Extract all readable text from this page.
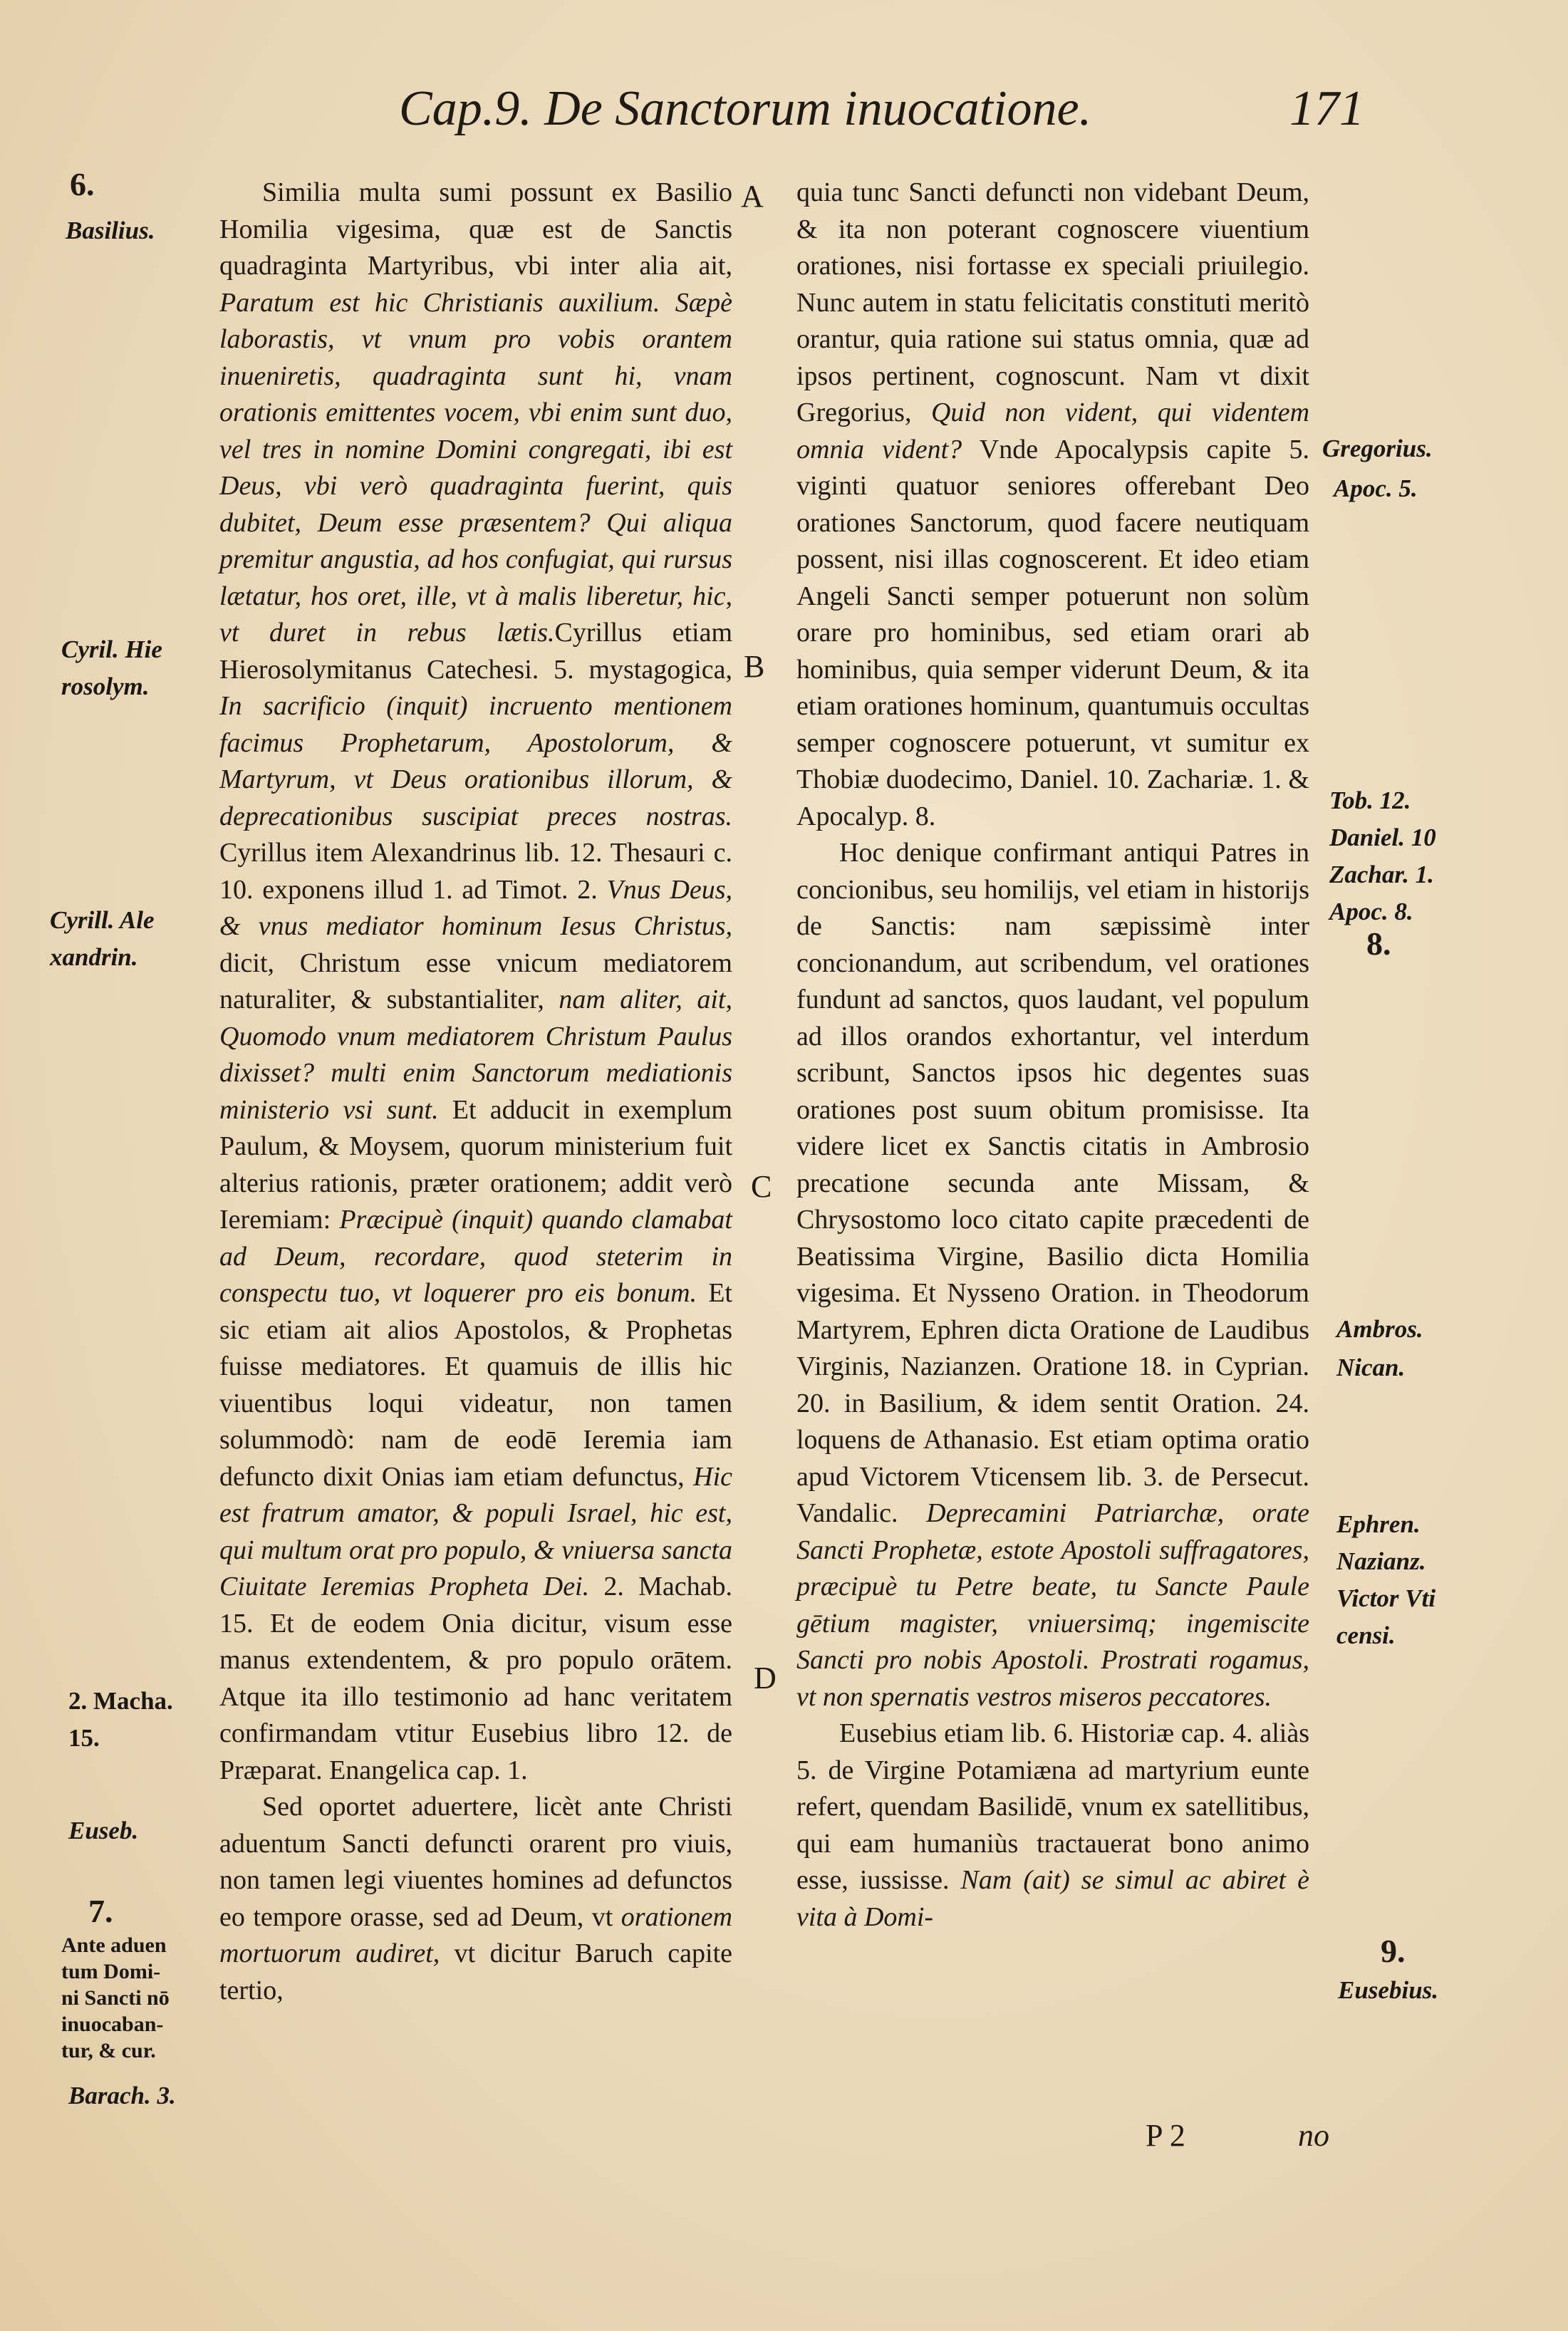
Cap.9. De Sanctorum inuocatione.	171

Similia multa sumi possunt ex Basilio Homilia vigesima, quæ est de Sanctis quadraginta Martyribus, vbi inter alia ait, Paratum est hic Christianis auxilium. Sæpè laborastis, vt vnum pro vobis orantem inueniretis, quadraginta sunt hi, vnam orationis emittentes vocem, vbi enim sunt duo, vel tres in nomine Domini congregati, ibi est Deus, vbi verò quadraginta fuerint, quis dubitet, Deum esse præsentem? Qui aliqua premitur angustia, ad hos confugiat, qui rursus lætatur, hos oret, ille, vt à malis liberetur, hic, vt duret in rebus lætis.Cyrillus etiam Hierosolymitanus Catechesi. 5. mystagogica, In sacrificio (inquit) incruento mentionem facimus Prophetarum, Apostolorum, & Martyrum, vt Deus orationibus illorum, & deprecationibus suscipiat preces nostras. Cyrillus item Alexandrinus lib. 12. Thesauri c. 10. exponens illud 1. ad Timot. 2. Vnus Deus, & vnus mediator hominum Iesus Christus, dicit, Christum esse vnicum mediatorem naturaliter, & substantialiter, nam aliter, ait, Quomodo vnum mediatorem Christum Paulus dixisset? multi enim Sanctorum mediationis ministerio vsi sunt. Et adducit in exemplum Paulum, & Moysem, quorum ministerium fuit alterius rationis, præter orationem; addit verò Ieremiam: Præcipuè (inquit) quando clamabat ad Deum, recordare, quod steterim in conspectu tuo, vt loquerer pro eis bonum. Et sic etiam ait alios Apostolos, & Prophetas fuisse mediatores. Et quamuis de illis hic viuentibus loqui videatur, non tamen solummodò: nam de eodē Ieremia iam defuncto dixit Onias iam etiam defunctus, Hic est fratrum amator, & populi Israel, hic est, qui multum orat pro populo, & vniuersa sancta Ciuitate Ieremias Propheta Dei. 2. Machab. 15. Et de eodem Onia dicitur, visum esse manus extendentem, & pro populo orātem. Atque ita illo testimonio ad hanc veritatem confirmandam vtitur Eusebius libro 12. de Præparat. Enangelica cap. 1.

Sed oportet aduertere, licèt ante Christi aduentum Sancti defuncti orarent pro viuis, non tamen legi viuentes homines ad defunctos eo tempore orasse, sed ad Deum, vt orationem mortuorum audiret, vt dicitur Baruch capite tertio,

quia tunc Sancti defuncti non videbant Deum, & ita non poterant cognoscere viuentium orationes, nisi fortasse ex speciali priuilegio. Nunc autem in statu felicitatis constituti meritò orantur, quia ratione sui status omnia, quæ ad ipsos pertinent, cognoscunt. Nam vt dixit Gregorius, Quid non vident, qui videntem omnia vident? Vnde Apocalypsis capite 5. viginti quatuor seniores offerebant Deo orationes Sanctorum, quod facere neutiquam possent, nisi illas cognoscerent. Et ideo etiam Angeli Sancti semper potuerunt non solùm orare pro hominibus, sed etiam orari ab hominibus, quia semper viderunt Deum, & ita etiam orationes hominum, quantumuis occultas semper cognoscere potuerunt, vt sumitur ex Thobiæ duodecimo, Daniel. 10. Zachariæ. 1. & Apocalyp. 8.

Hoc denique confirmant antiqui Patres in concionibus, seu homilijs, vel etiam in historijs de Sanctis: nam sæpissimè inter concionandum, aut scribendum, vel orationes fundunt ad sanctos, quos laudant, vel populum ad illos orandos exhortantur, vel interdum scribunt, Sanctos ipsos hic degentes suas orationes post suum obitum promisisse. Ita videre licet ex Sanctis citatis in Ambrosio precatione secunda ante Missam, & Chrysostomo loco citato capite præcedenti de Beatissima Virgine, Basilio dicta Homilia vigesima. Et Nysseno Oration. in Theodorum Martyrem, Ephren dicta Oratione de Laudibus Virginis, Nazianzen. Oratione 18. in Cyprian. 20. in Basilium, & idem sentit Oration. 24. loquens de Athanasio. Est etiam optima oratio apud Victorem Vticensem lib. 3. de Persecut. Vandalic. Deprecamini Patriarchæ, orate Sancti Prophetæ, estote Apostoli suffragatores, præcipuè tu Petre beate, tu Sancte Paule gētium magister, vniuersimq; ingemiscite Sancti pro nobis Apostoli. Prostrati rogamus, vt non spernatis vestros miseros peccatores.

Eusebius etiam lib. 6. Historiæ cap. 4. aliàs 5. de Virgine Potamiæna ad martyrium eunte refert, quendam Basilidē, vnum ex satellitibus, qui eam humaniùs tractauerat bono animo esse, iussisse. Nam (ait) se simul ac abiret è vita à Domi-

A
B
C
D
6.
Basilius.
Cyril. Hie
rosolym.
Cyrill. Ale
xandrin.
2. Macha.
15.
Euseb.
7.
Ante aduen
tum Domi-
ni Sancti nō
inuocaban-
tur, & cur.
Barach. 3.
Gregorius.
Apoc. 5.
Tob. 12.
Daniel. 10
Zachar. 1.
Apoc. 8.
8.
Ambros.
Nican.
Ephren.
Nazianz.
Victor Vti
censi.
9.
Eusebius.
P 2	no
